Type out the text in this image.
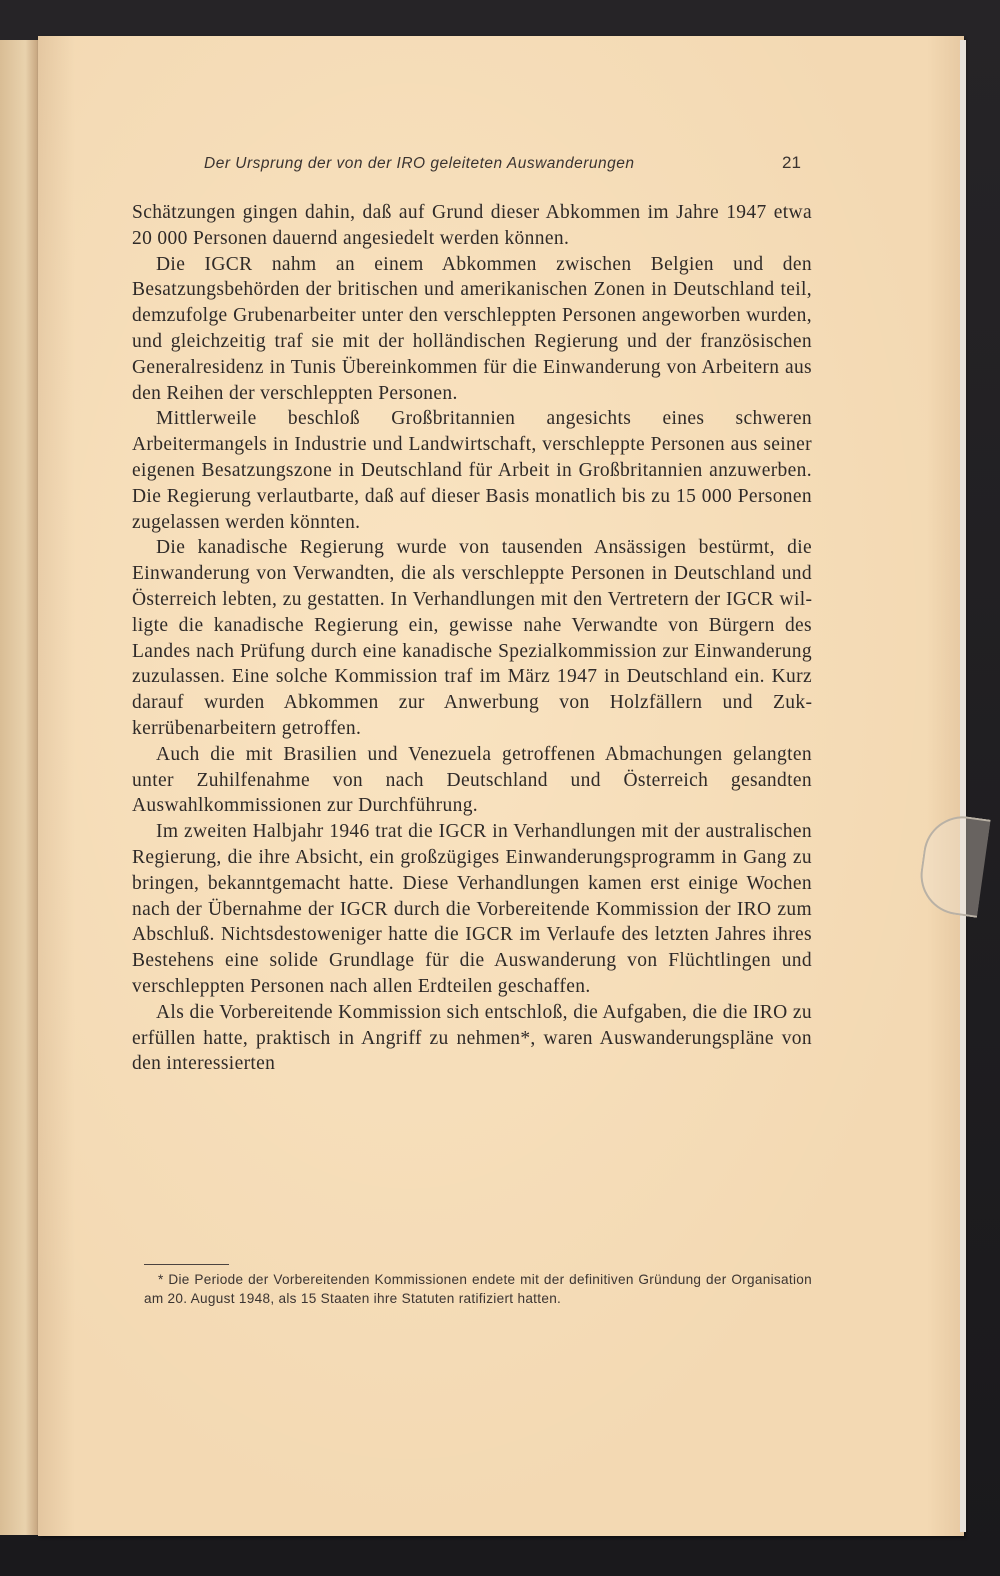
Der Ursprung der von der IRO geleiteten Auswanderungen	21

Schätzungen gingen dahin, daß auf Grund dieser Abkommen im Jahre 1947 etwa 20 000 Personen dauernd angesiedelt werden können.

Die IGCR nahm an einem Abkommen zwischen Belgien und den Besatzungsbehörden der britischen und amerikanischen Zonen in Deutschland teil, demzufolge Grubenarbeiter unter den verschleppten Personen angeworben wurden, und gleichzeitig traf sie mit der holländischen Regierung und der französischen Generalresidenz in Tunis Übereinkommen für die Einwanderung von Arbeitern aus den Reihen der verschleppten Personen.

Mittlerweile beschloß Großbritannien angesichts eines schweren Arbeitermangels in Industrie und Landwirtschaft, verschleppte Personen aus seiner eigenen Besatzungszone in Deutschland für Arbeit in Großbritannien anzuwerben. Die Regierung verlautbarte, daß auf dieser Basis monatlich bis zu 15 000 Personen zugelassen werden könnten.

Die kanadische Regierung wurde von tausenden Ansässigen bestürmt, die Einwanderung von Verwandten, die als verschleppte Personen in Deutschland und Österreich lebten, zu gestatten. In Verhandlungen mit den Vertretern der IGCR willigte die kanadische Regierung ein, gewisse nahe Verwandte von Bürgern des Landes nach Prüfung durch eine kanadische Spezialkommission zur Einwanderung zuzulassen. Eine solche Kommission traf im März 1947 in Deutschland ein. Kurz darauf wurden Abkommen zur Anwerbung von Holzfällern und Zukkerrübenarbeitern getroffen.

Auch die mit Brasilien und Venezuela getroffenen Abmachungen gelangten unter Zuhilfenahme von nach Deutschland und Österreich gesandten Auswahlkommissionen zur Durchführung.

Im zweiten Halbjahr 1946 trat die IGCR in Verhandlungen mit der australischen Regierung, die ihre Absicht, ein großzügiges Einwanderungsprogramm in Gang zu bringen, bekanntgemacht hatte. Diese Verhandlungen kamen erst einige Wochen nach der Übernahme der IGCR durch die Vorbereitende Kommission der IRO zum Abschluß. Nichtsdestoweniger hatte die IGCR im Verlaufe des letzten Jahres ihres Bestehens eine solide Grundlage für die Auswanderung von Flüchtlingen und verschleppten Personen nach allen Erdteilen geschaffen.

Als die Vorbereitende Kommission sich entschloß, die Aufgaben, die die IRO zu erfüllen hatte, praktisch in Angriff zu nehmen*, waren Auswanderungspläne von den interessierten

* Die Periode der Vorbereitenden Kommissionen endete mit der definitiven Gründung der Organisation am 20. August 1948, als 15 Staaten ihre Statuten ratifiziert hatten.
